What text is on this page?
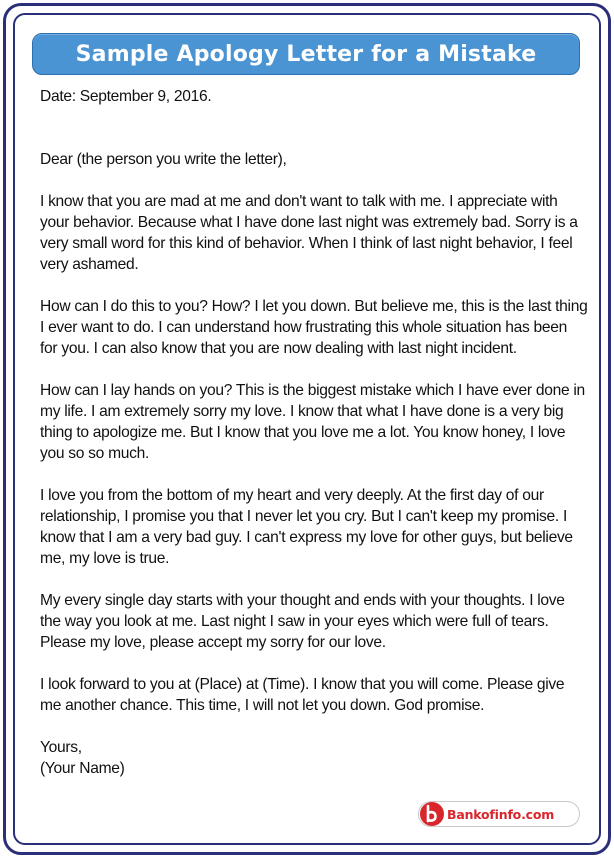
Sample Apology Letter for a Mistake

Date: September 9, 2016.

Dear (the person you write the letter),

I know that you are mad at me and don't want to talk with me. I appreciate with your behavior. Because what I have done last night was extremely bad. Sorry is a very small word for this kind of behavior. When I think of last night behavior, I feel very ashamed.

How can I do this to you? How? I let you down. But believe me, this is the last thing I ever want to do. I can understand how frustrating this whole situation has been for you. I can also know that you are now dealing with last night incident.

How can I lay hands on you? This is the biggest mistake which I have ever done in my life. I am extremely sorry my love. I know that what I have done is a very big thing to apologize me. But I know that you love me a lot. You know honey, I love you so so much.

I love you from the bottom of my heart and very deeply. At the first day of our relationship, I promise you that I never let you cry. But I can't keep my promise. I know that I am a very bad guy. I can't express my love for other guys, but believe me, my love is true.

My every single day starts with your thought and ends with your thoughts. I love the way you look at me. Last night I saw in your eyes which were full of tears. Please my love, please accept my sorry for our love.

I look forward to you at (Place) at (Time). I know that you will come. Please give me another chance. This time, I will not let you down. God promise.

Yours,

(Your Name)

Bankofinfo.com
